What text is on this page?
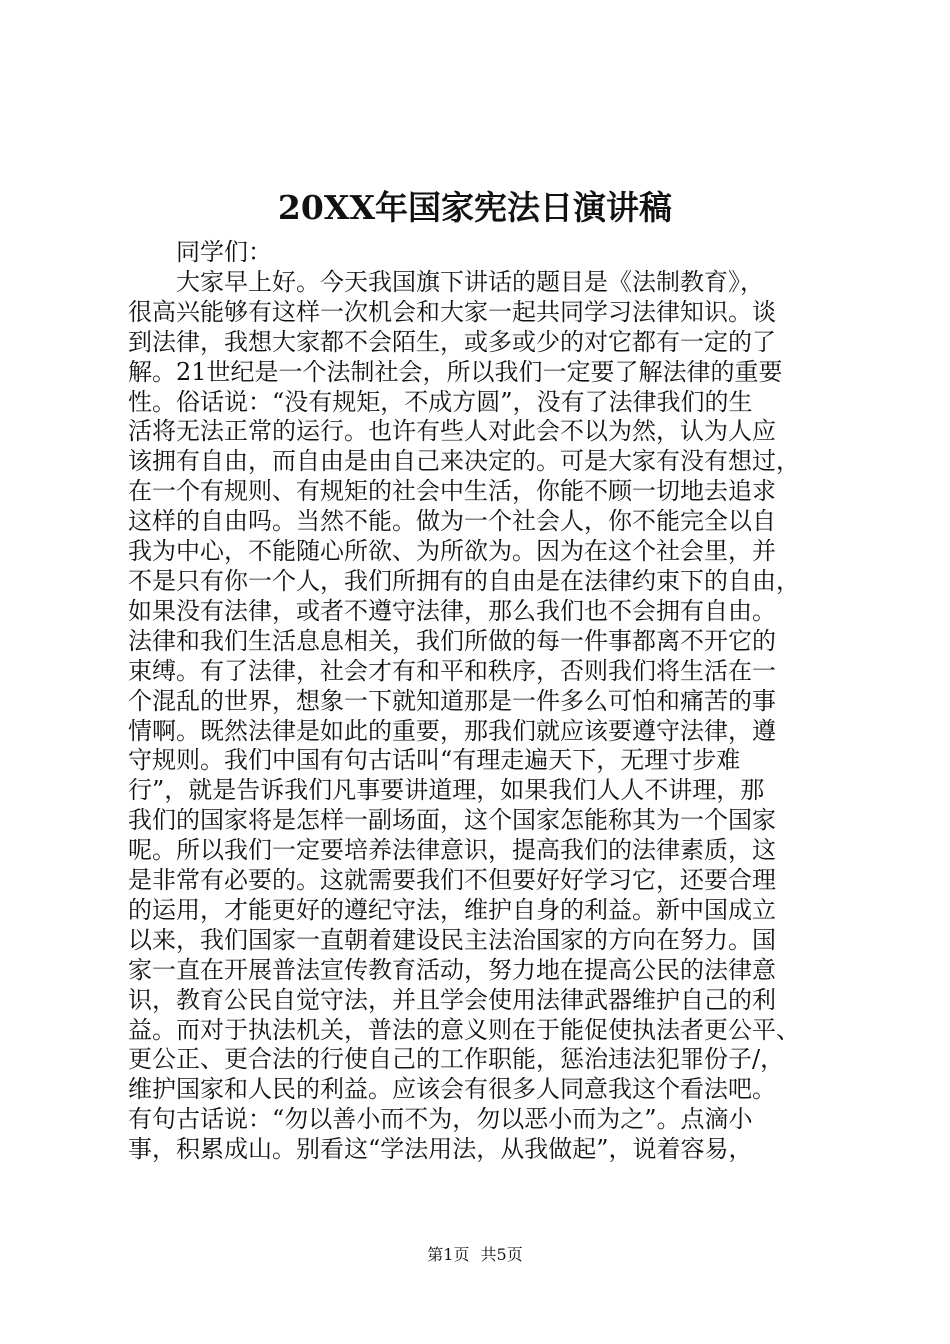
20XX年国家宪法日演讲稿

同学们：

大家早上好。今天我国旗下讲话的题目是《法制教育》，
很高兴能够有这样一次机会和大家一起共同学习法律知识。谈
到法律，我想大家都不会陌生，或多或少的对它都有一定的了
解。21世纪是一个法制社会，所以我们一定要了解法律的重要
性。俗话说：“没有规矩，不成方圆”，没有了法律我们的生
活将无法正常的运行。也许有些人对此会不以为然，认为人应
该拥有自由，而自由是由自己来决定的。可是大家有没有想过，
在一个有规则、有规矩的社会中生活，你能不顾一切地去追求
这样的自由吗。当然不能。做为一个社会人，你不能完全以自
我为中心，不能随心所欲、为所欲为。因为在这个社会里，并
不是只有你一个人，我们所拥有的自由是在法律约束下的自由，
如果没有法律，或者不遵守法律，那么我们也不会拥有自由。
法律和我们生活息息相关，我们所做的每一件事都离不开它的
束缚。有了法律，社会才有和平和秩序，否则我们将生活在一
个混乱的世界，想象一下就知道那是一件多么可怕和痛苦的事
情啊。既然法律是如此的重要，那我们就应该要遵守法律，遵
守规则。我们中国有句古话叫“有理走遍天下，无理寸步难
行”，就是告诉我们凡事要讲道理，如果我们人人不讲理，那
我们的国家将是怎样一副场面，这个国家怎能称其为一个国家
呢。所以我们一定要培养法律意识，提高我们的法律素质，这
是非常有必要的。这就需要我们不但要好好学习它，还要合理
的运用，才能更好的遵纪守法，维护自身的利益。新中国成立
以来，我们国家一直朝着建设民主法治国家的方向在努力。国
家一直在开展普法宣传教育活动，努力地在提高公民的法律意
识，教育公民自觉守法，并且学会使用法律武器维护自己的利
益。而对于执法机关，普法的意义则在于能促使执法者更公平、
更公正、更合法的行使自己的工作职能，惩治违法犯罪份子/，
维护国家和人民的利益。应该会有很多人同意我这个看法吧。
有句古话说：“勿以善小而不为，勿以恶小而为之”。点滴小
事，积累成山。别看这“学法用法，从我做起”，说着容易，

第1页 共5页
